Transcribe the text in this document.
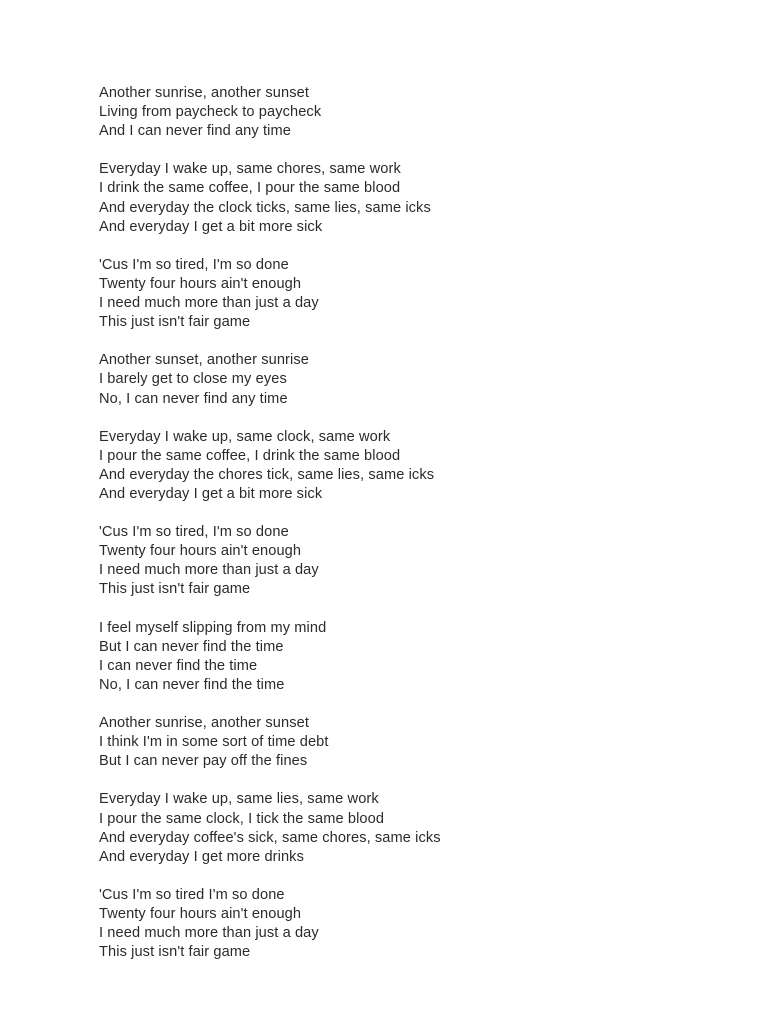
Another sunrise, another sunset
Living from paycheck to paycheck
And I can never find any time
Everyday I wake up, same chores, same work
I drink the same coffee, I pour the same blood
And everyday the clock ticks, same lies, same icks
And everyday I get a bit more sick
'Cus I'm so tired, I'm so done
Twenty four hours ain't enough
I need much more than just a day
This just isn't fair game
Another sunset, another sunrise
I barely get to close my eyes
No, I can never find any time
Everyday I wake up, same clock, same work
I pour the same coffee, I drink the same blood
And everyday the chores tick, same lies, same icks
And everyday I get a bit more sick
'Cus I'm so tired, I'm so done
Twenty four hours ain't enough
I need much more than just a day
This just isn't fair game
I feel myself slipping from my mind
But I can never find the time
I can never find the time
No, I can never find the time
Another sunrise, another sunset
I think I'm in some sort of time debt
But I can never pay off the fines
Everyday I wake up, same lies, same work
I pour the same clock, I tick the same blood
And everyday coffee's sick, same chores, same icks
And everyday I get more drinks
'Cus I'm so tired I'm so done
Twenty four hours ain't enough
I need much more than just a day
This just isn't fair game
